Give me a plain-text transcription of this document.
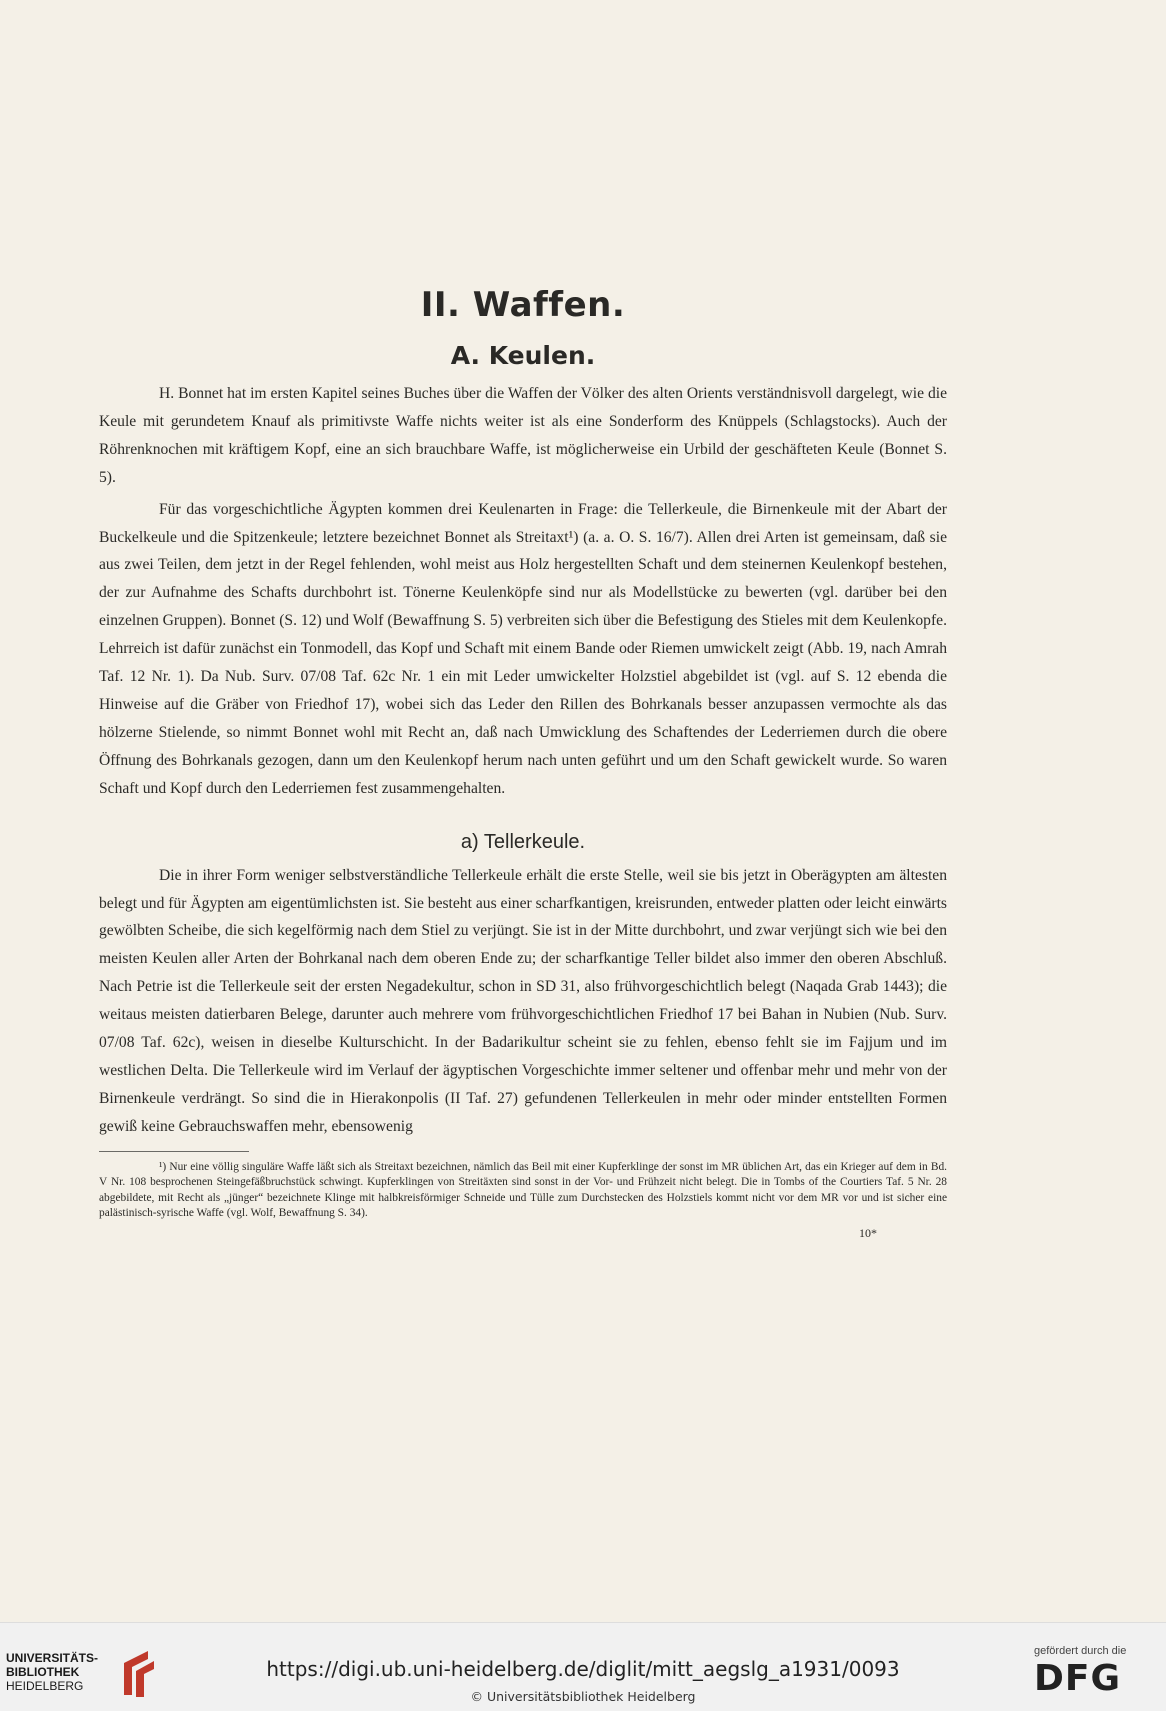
II. Waffen.
A. Keulen.

H. Bonnet hat im ersten Kapitel seines Buches über die Waffen der Völker des alten Orients verständnisvoll dargelegt, wie die Keule mit gerundetem Knauf als primitivste Waffe nichts weiter ist als eine Sonderform des Knüppels (Schlagstocks). Auch der Röhrenknochen mit kräftigem Kopf, eine an sich brauchbare Waffe, ist möglicherweise ein Urbild der geschäfteten Keule (Bonnet S. 5).

Für das vorgeschichtliche Ägypten kommen drei Keulenarten in Frage: die Tellerkeule, die Birnenkeule mit der Abart der Buckelkeule und die Spitzenkeule; letztere bezeichnet Bonnet als Streitaxt¹) (a. a. O. S. 16/7). Allen drei Arten ist gemeinsam, daß sie aus zwei Teilen, dem jetzt in der Regel fehlenden, wohl meist aus Holz hergestellten Schaft und dem steinernen Keulenkopf bestehen, der zur Aufnahme des Schafts durchbohrt ist. Tönerne Keulenköpfe sind nur als Modellstücke zu bewerten (vgl. darüber bei den einzelnen Gruppen). Bonnet (S. 12) und Wolf (Bewaffnung S. 5) verbreiten sich über die Befestigung des Stieles mit dem Keulenkopfe. Lehrreich ist dafür zunächst ein Tonmodell, das Kopf und Schaft mit einem Bande oder Riemen umwickelt zeigt (Abb. 19, nach Amrah Taf. 12 Nr. 1). Da Nub. Surv. 07/08 Taf. 62c Nr. 1 ein mit Leder umwickelter Holzstiel abgebildet ist (vgl. auf S. 12 ebenda die Hinweise auf die Gräber von Friedhof 17), wobei sich das Leder den Rillen des Bohrkanals besser anzupassen vermochte als das hölzerne Stielende, so nimmt Bonnet wohl mit Recht an, daß nach Umwicklung des Schaftendes der Lederriemen durch die obere Öffnung des Bohrkanals gezogen, dann um den Keulenkopf herum nach unten geführt und um den Schaft gewickelt wurde. So waren Schaft und Kopf durch den Lederriemen fest zusammengehalten.

a) Tellerkeule.

Die in ihrer Form weniger selbstverständliche Tellerkeule erhält die erste Stelle, weil sie bis jetzt in Oberägypten am ältesten belegt und für Ägypten am eigentümlichsten ist. Sie besteht aus einer scharfkantigen, kreisrunden, entweder platten oder leicht einwärts gewölbten Scheibe, die sich kegelförmig nach dem Stiel zu verjüngt. Sie ist in der Mitte durchbohrt, und zwar verjüngt sich wie bei den meisten Keulen aller Arten der Bohrkanal nach dem oberen Ende zu; der scharfkantige Teller bildet also immer den oberen Abschluß. Nach Petrie ist die Tellerkeule seit der ersten Negadekultur, schon in SD 31, also frühvorgeschichtlich belegt (Naqada Grab 1443); die weitaus meisten datierbaren Belege, darunter auch mehrere vom frühvorgeschichtlichen Friedhof 17 bei Bahan in Nubien (Nub. Surv. 07/08 Taf. 62c), weisen in dieselbe Kulturschicht. In der Badarikultur scheint sie zu fehlen, ebenso fehlt sie im Fajjum und im westlichen Delta. Die Tellerkeule wird im Verlauf der ägyptischen Vorgeschichte immer seltener und offenbar mehr und mehr von der Birnenkeule verdrängt. So sind die in Hierakonpolis (II Taf. 27) gefundenen Tellerkeulen in mehr oder minder entstellten Formen gewiß keine Gebrauchswaffen mehr, ebensowenig

¹) Nur eine völlig singuläre Waffe läßt sich als Streitaxt bezeichnen, nämlich das Beil mit einer Kupferklinge der sonst im MR üblichen Art, das ein Krieger auf dem in Bd. V Nr. 108 besprochenen Steingefäßbruchstück schwingt. Kupferklingen von Streitäxten sind sonst in der Vor- und Frühzeit nicht belegt. Die in Tombs of the Courtiers Taf. 5 Nr. 28 abgebildete, mit Recht als „jünger“ bezeichnete Klinge mit halbkreisförmiger Schneide und Tülle zum Durchstecken des Holzstiels kommt nicht vor dem MR vor und ist sicher eine palästinisch-syrische Waffe (vgl. Wolf, Bewaffnung S. 34).

10*
UNIVERSITÄTS-
BIBLIOTHEK
HEIDELBERG
https://digi.ub.uni-heidelberg.de/diglit/mitt_aegslg_a1931/0093
© Universitätsbibliothek Heidelberg
gefördert durch die
DFG
